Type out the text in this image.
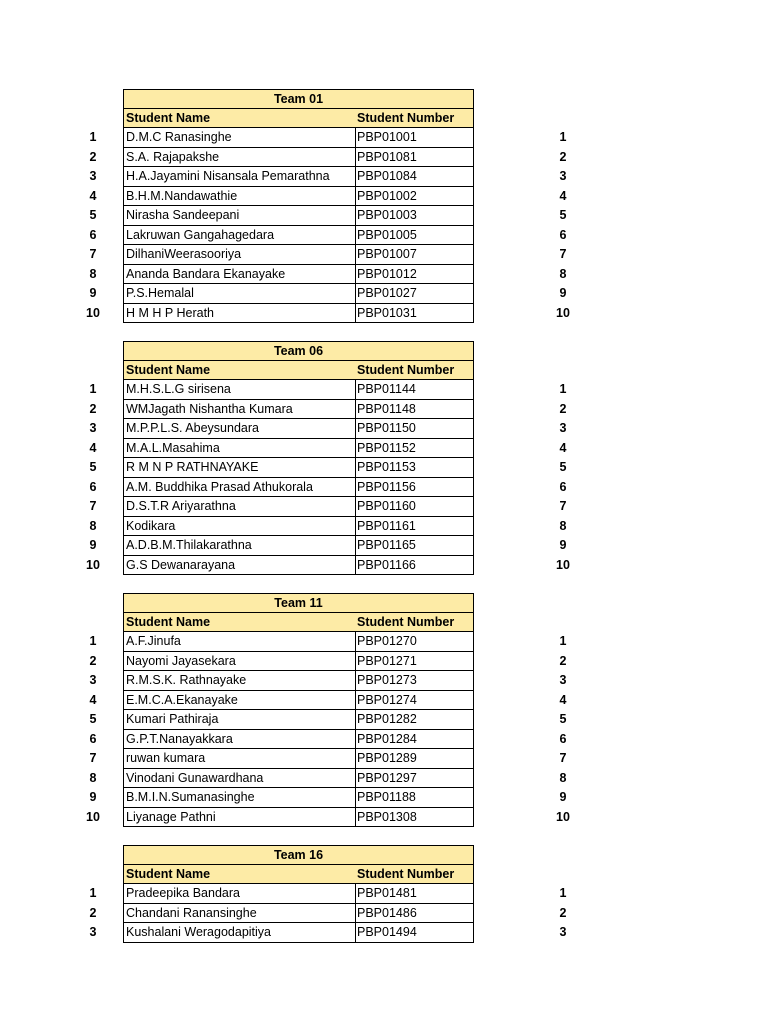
Team 01
Student Name	Student Number
1	D.M.C Ranasinghe	PBP01001	1
2	S.A. Rajapakshe	PBP01081	2
3	H.A.Jayamini Nisansala Pemarathna	PBP01084	3
4	B.H.M.Nandawathie	PBP01002	4
5	Nirasha Sandeepani	PBP01003	5
6	Lakruwan Gangahagedara	PBP01005	6
7	DilhaniWeerasooriya	PBP01007	7
8	Ananda Bandara Ekanayake	PBP01012	8
9	P.S.Hemalal	PBP01027	9
10	H M H P Herath	PBP01031	10
Team 06
Student Name	Student Number
1	M.H.S.L.G sirisena	PBP01144	1
2	WMJagath Nishantha Kumara	PBP01148	2
3	M.P.P.L.S. Abeysundara	PBP01150	3
4	M.A.L.Masahima	PBP01152	4
5	R M N P RATHNAYAKE	PBP01153	5
6	A.M. Buddhika Prasad Athukorala	PBP01156	6
7	D.S.T.R Ariyarathna	PBP01160	7
8	Kodikara	PBP01161	8
9	A.D.B.M.Thilakarathna	PBP01165	9
10	G.S Dewanarayana	PBP01166	10
Team 11
Student Name	Student Number
1	A.F.Jinufa	PBP01270	1
2	Nayomi Jayasekara	PBP01271	2
3	R.M.S.K. Rathnayake	PBP01273	3
4	E.M.C.A.Ekanayake	PBP01274	4
5	Kumari Pathiraja	PBP01282	5
6	G.P.T.Nanayakkara	PBP01284	6
7	ruwan kumara	PBP01289	7
8	Vinodani Gunawardhana	PBP01297	8
9	B.M.I.N.Sumanasinghe	PBP01188	9
10	Liyanage Pathni	PBP01308	10
Team 16
Student Name	Student Number
1	Pradeepika Bandara	PBP01481	1
2	Chandani Ranansinghe	PBP01486	2
3	Kushalani Weragodapitiya	PBP01494	3
